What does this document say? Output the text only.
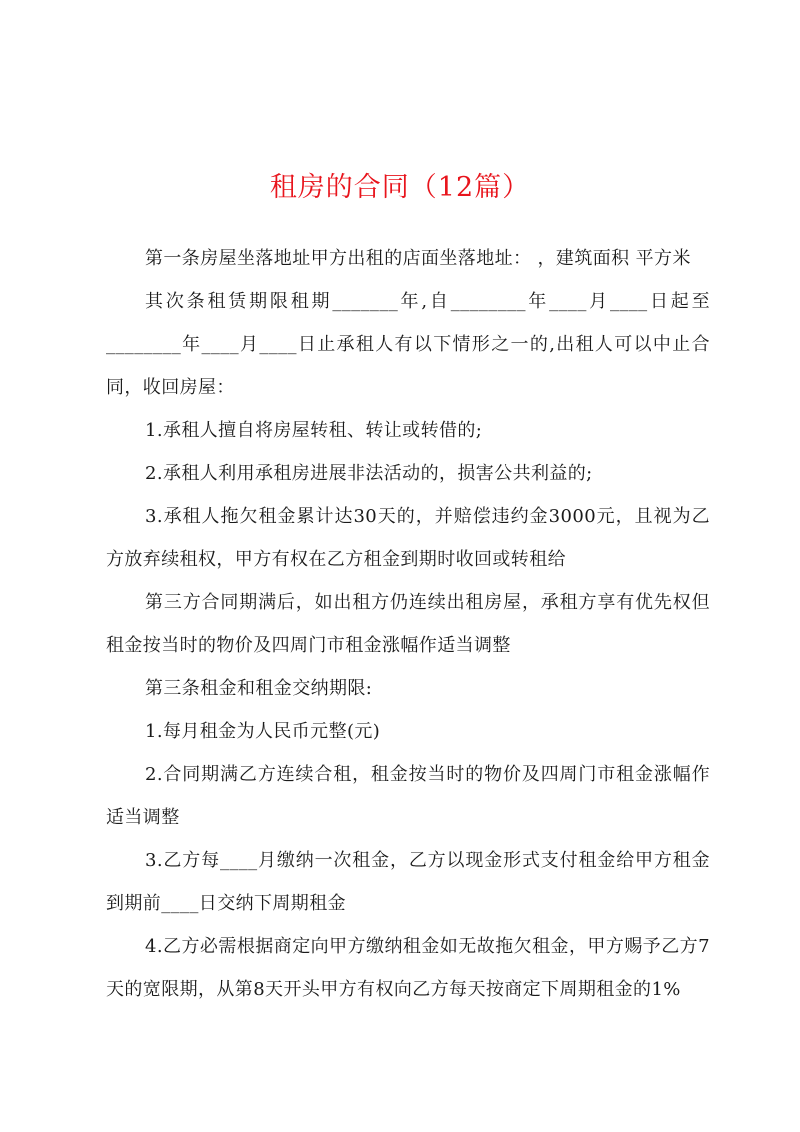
租房的合同（12篇）

第一条房屋坐落地址甲方出租的店面坐落地址： ，建筑面积 平方米

其次条租赁期限租期_______年,自________年____月____日起至________年____月____日止承租人有以下情形之一的,出租人可以中止合同，收回房屋：

1.承租人擅自将房屋转租、转让或转借的;

2.承租人利用承租房进展非法活动的，损害公共利益的;

3.承租人拖欠租金累计达30天的，并赔偿违约金3000元，且视为乙方放弃续租权，甲方有权在乙方租金到期时收回或转租给

第三方合同期满后，如出租方仍连续出租房屋，承租方享有优先权但租金按当时的物价及四周门市租金涨幅作适当调整

第三条租金和租金交纳期限:

1.每月租金为人民币元整(元)

2.合同期满乙方连续合租，租金按当时的物价及四周门市租金涨幅作适当调整

3.乙方每____月缴纳一次租金，乙方以现金形式支付租金给甲方租金到期前____日交纳下周期租金

4.乙方必需根据商定向甲方缴纳租金如无故拖欠租金，甲方赐予乙方7天的宽限期，从第8天开头甲方有权向乙方每天按商定下周期租金的1%
